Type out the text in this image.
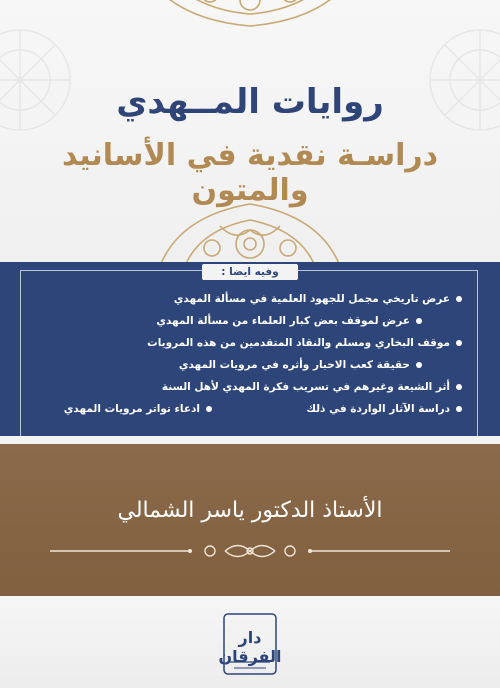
روايات المــهدي
دراسـة نقدية في الأسانيد والمتون
وفيه ايضا :
عرض تاريخي مجمل للجهود العلمية في مسألة المهدي
عرض لموقف بعض كبار العلماء من مسألة المهدي
موقف البخاري ومسلم والنقاد المتقدمين من هذه المرويات
حقيقة كعب الاحبار وأثره في مرويات المهدي
أثر الشيعة وغيرهم في تسريب فكرة المهدي لأهل السنة
دراسة الآثار الواردة في ذلك
ادعاء تواتر مرويات المهدي
الأستاذ الدكتور ياسر الشمالي
دار الفرقان
